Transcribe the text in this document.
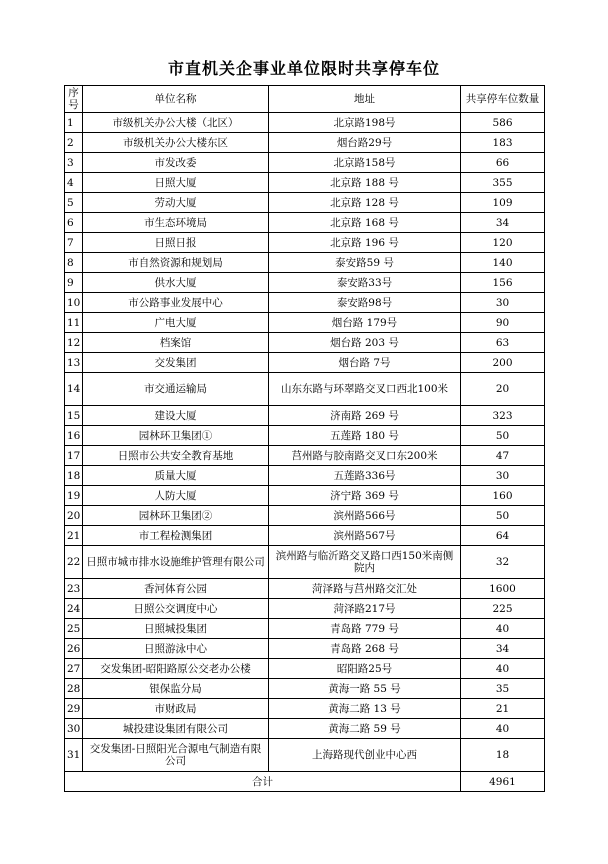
市直机关企事业单位限时共享停车位
序号	单位名称	地址	共享停车位数量
1	市级机关办公大楼（北区）	北京路198号	586
2	市级机关办公大楼东区	烟台路29号	183
3	市发改委	北京路158号	66
4	日照大厦	北京路 188 号	355
5	劳动大厦	北京路 128 号	109
6	市生态环境局	北京路 168 号	34
7	日照日报	北京路 196 号	120
8	市自然资源和规划局	泰安路59 号	140
9	供水大厦	泰安路33号	156
10	市公路事业发展中心	泰安路98号	30
11	广电大厦	烟台路 179号	90
12	档案馆	烟台路 203 号	63
13	交发集团	烟台路 7号	200
14	市交通运输局	山东东路与环翠路交叉口西北100米	20
15	建设大厦	济南路 269 号	323
16	园林环卫集团①	五莲路 180 号	50
17	日照市公共安全教育基地	莒州路与胶南路交叉口东200米	47
18	质量大厦	五莲路336号	30
19	人防大厦	济宁路 369 号	160
20	园林环卫集团②	滨州路566号	50
21	市工程检测集团	滨州路567号	64
22	日照市城市排水设施维护管理有限公司	滨州路与临沂路交叉路口西150米南侧院内	32
23	香河体育公园	菏泽路与莒州路交汇处	1600
24	日照公交调度中心	菏泽路217号	225
25	日照城投集团	青岛路 779 号	40
26	日照游泳中心	青岛路 268 号	34
27	交发集团-昭阳路原公交老办公楼	昭阳路25号	40
28	银保监分局	黄海一路 55 号	35
29	市财政局	黄海二路 13 号	21
30	城投建设集团有限公司	黄海二路 59 号	40
31	交发集团-日照阳光合源电气制造有限公司	上海路现代创业中心西	18
合计			4961
